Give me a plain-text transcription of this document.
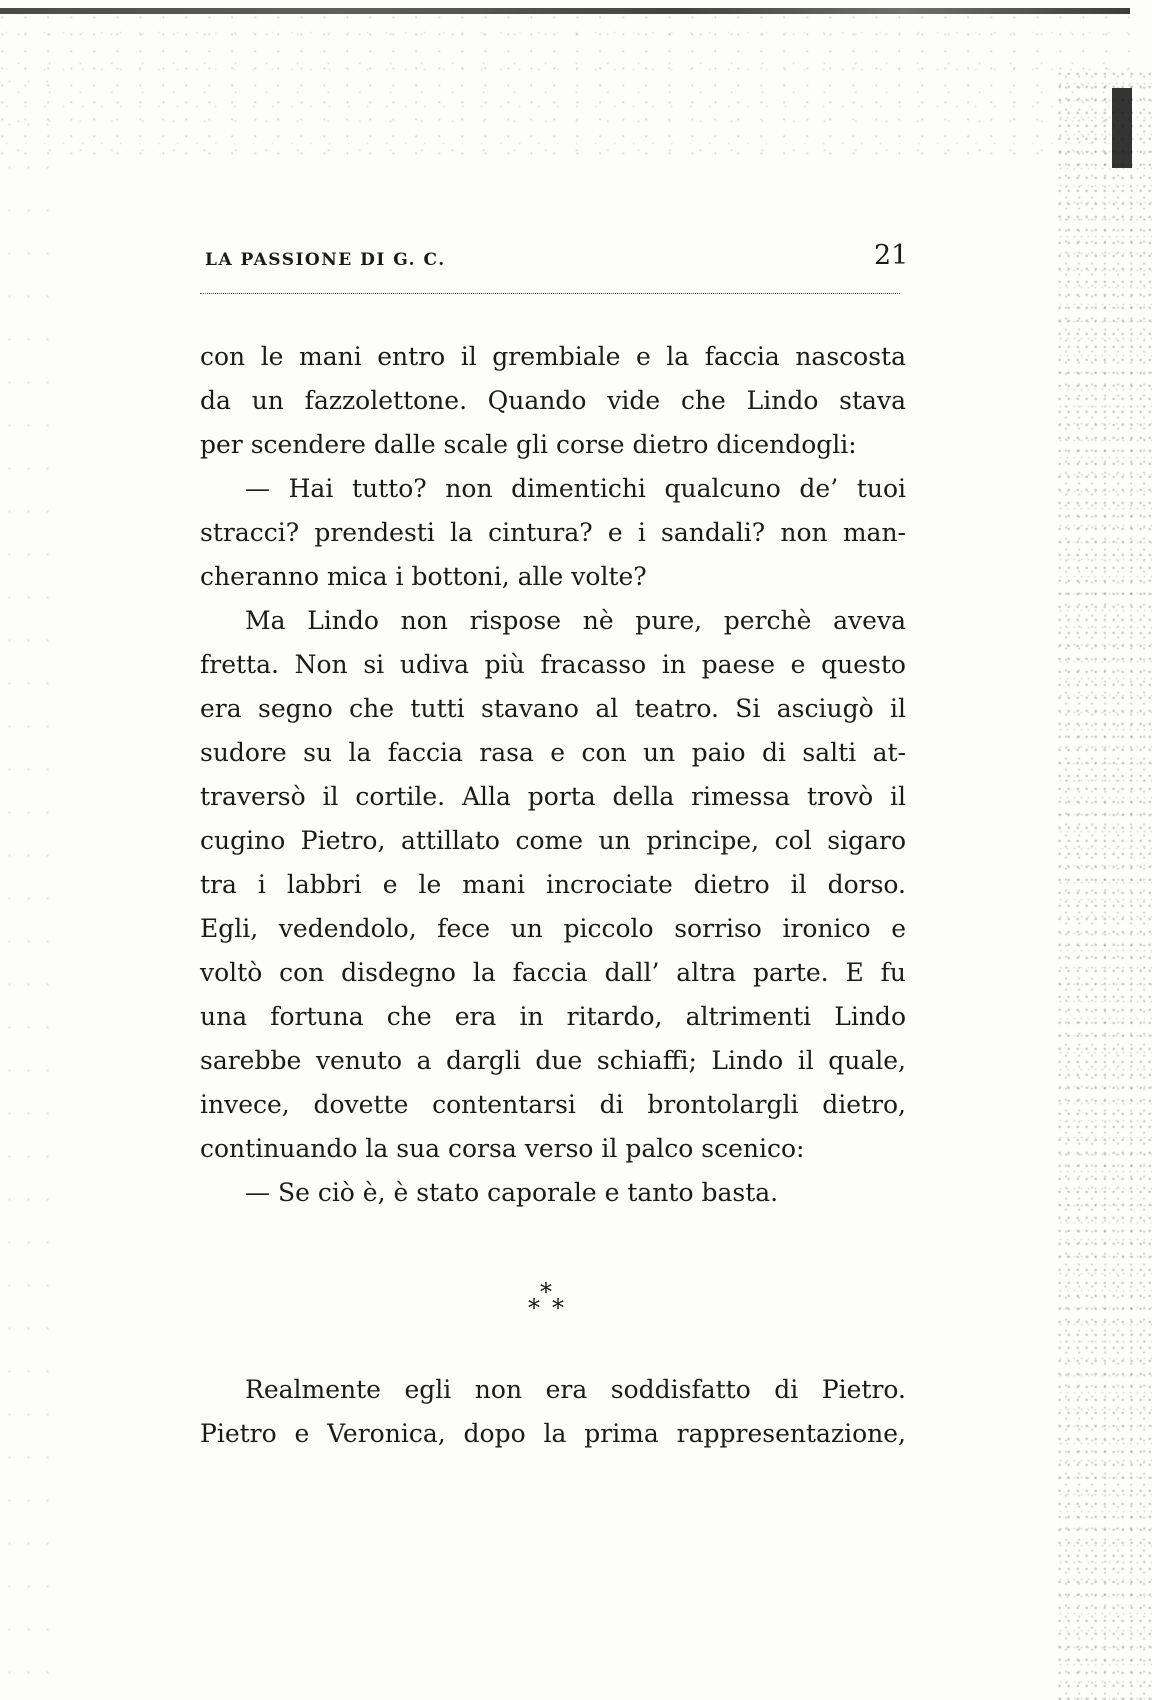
LA PASSIONE DI G. C.	21
con le mani entro il grembiale e la faccia nascosta
da un fazzolettone. Quando vide che Lindo stava
per scendere dalle scale gli corse dietro dicendogli:
— Hai tutto? non dimentichi qualcuno de’ tuoi
stracci? prendesti la cintura? e i sandali? non man-
cheranno mica i bottoni, alle volte?
Ma Lindo non rispose nè pure, perchè aveva
fretta. Non si udiva più fracasso in paese e questo
era segno che tutti stavano al teatro. Si asciugò il
sudore su la faccia rasa e con un paio di salti at-
traversò il cortile. Alla porta della rimessa trovò il
cugino Pietro, attillato come un principe, col sigaro
tra i labbri e le mani incrociate dietro il dorso.
Egli, vedendolo, fece un piccolo sorriso ironico e
voltò con disdegno la faccia dall’ altra parte. E fu
una fortuna che era in ritardo, altrimenti Lindo
sarebbe venuto a dargli due schiaffi; Lindo il quale,
invece, dovette contentarsi di brontolargli dietro,
continuando la sua corsa verso il palco scenico:
— Se ciò è, è stato caporale e tanto basta.
*
* *
Realmente egli non era soddisfatto di Pietro.
Pietro e Veronica, dopo la prima rappresentazione,
